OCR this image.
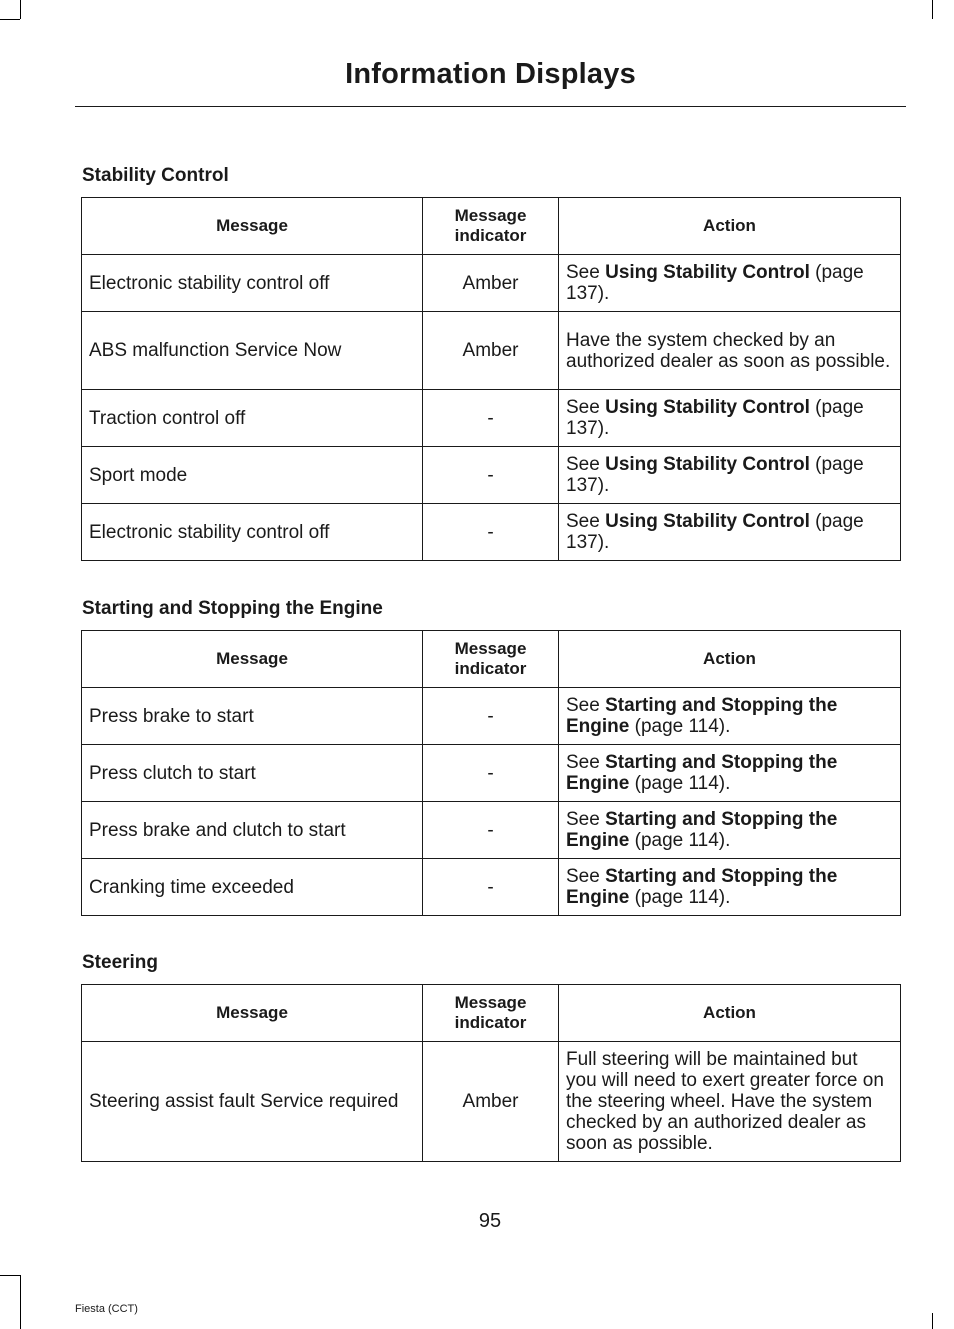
Information Displays
Stability Control
Message	Message indicator	Action
Electronic stability control off	Amber	See Using Stability Control (page 137).
ABS malfunction Service Now	Amber	Have the system checked by an authorized dealer as soon as possible.
Traction control off	-	See Using Stability Control (page 137).
Sport mode	-	See Using Stability Control (page 137).
Electronic stability control off	-	See Using Stability Control (page 137).
Starting and Stopping the Engine
Message	Message indicator	Action
Press brake to start	-	See Starting and Stopping the Engine (page 114).
Press clutch to start	-	See Starting and Stopping the Engine (page 114).
Press brake and clutch to start	-	See Starting and Stopping the Engine (page 114).
Cranking time exceeded	-	See Starting and Stopping the Engine (page 114).
Steering
Message	Message indicator	Action
Steering assist fault Service required	Amber	Full steering will be maintained but you will need to exert greater force on the steering wheel. Have the system checked by an authorized dealer as soon as possible.
95
Fiesta (CCT)
